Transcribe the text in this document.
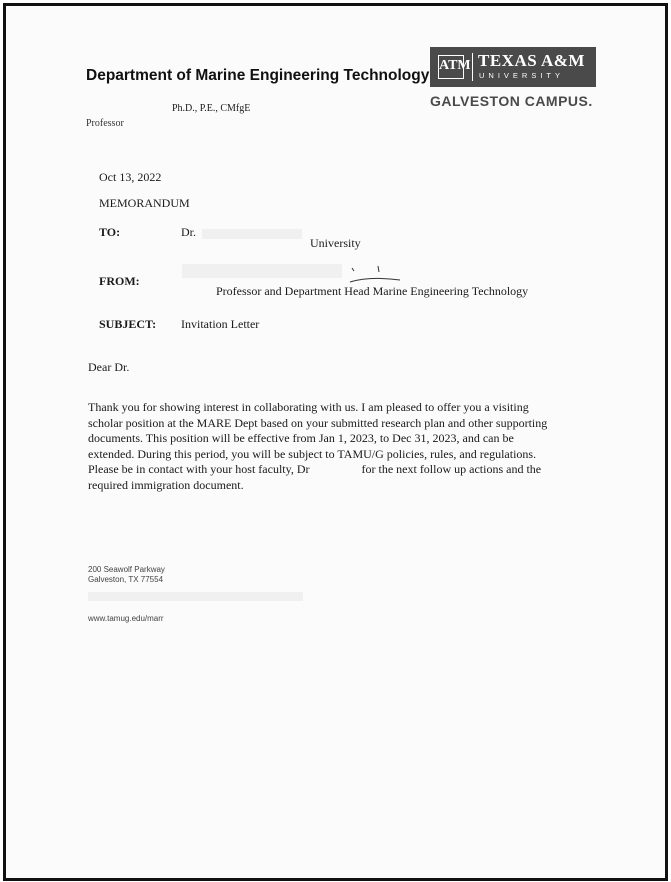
Department of Marine Engineering Technology
ATM TEXAS A&M
UNIVERSITY
GALVESTON CAMPUS.
Ph.D., P.E., CMfgE
Professor
Oct 13, 2022
MEMORANDUM
TO:	Dr.
University
FROM:
Professor and Department Head Marine Engineering Technology
SUBJECT: Invitation Letter
Dear Dr.
Thank you for showing interest in collaborating with us. I am pleased to offer you a visiting
scholar position at the MARE Dept based on your submitted research plan and other supporting
documents. This position will be effective from Jan 1, 2023, to Dec 31, 2023, and can be
extended. During this period, you will be subject to TAMU/G policies, rules, and regulations.
Please be in contact with your host faculty, Dr	for the next follow up actions and the
required immigration document.
200 Seawolf Parkway
Galveston, TX 77554
www.tamug.edu/marr
